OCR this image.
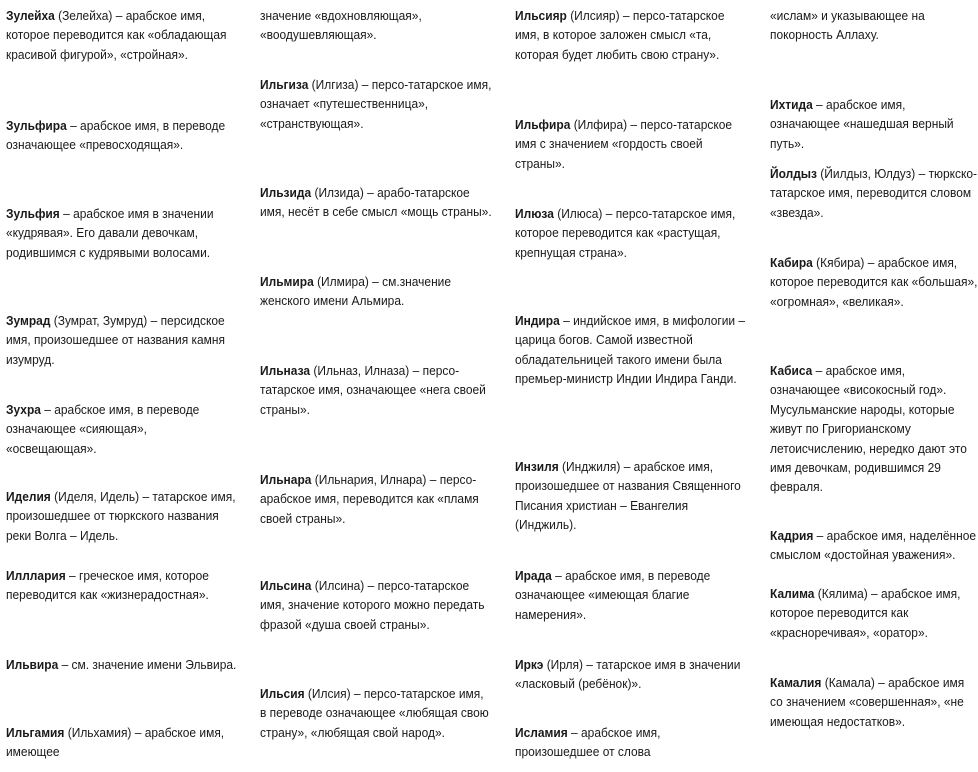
Зулейха (Зелейха) – арабское имя, которое переводится как «обладающая красивой фигурой», «стройная».
Зульфира – арабское имя, в переводе означающее «превосходящая».
Зульфия – арабское имя в значении «кудрявая». Его давали девочкам, родившимся с кудрявыми волосами.
Зумрад (Зумрат, Зумруд) – персидское имя, произошедшее от названия камня изумруд.
Зухра – арабское имя, в переводе означающее «сияющая», «освещающая».
Иделия (Иделя, Идель) – татарское имя, произошедшее от тюркского названия реки Волга – Идель.
Илллария – греческое имя, которое переводится как «жизнерадостная».
Ильвира – см. значение имени Эльвира.
Ильгамия (Ильхамия) – арабское имя, имеющее
значение «вдохновляющая», «воодушевляющая».
Ильгиза (Илгиза) – персо-татарское имя, означает «путешественница», «странствующая».
Ильзида (Илзида) – арабо-татарское имя, несёт в себе смысл «мощь страны».
Ильмира (Илмира) – см.значение женского имени Альмира.
Ильназа (Ильназ, Илназа) – персо-татарское имя, означающее «нега своей страны».
Ильнара (Ильнария, Илнара) – персо-арабское имя, переводится как «пламя своей страны».
Ильсина (Илсина) – персо-татарское имя, значение которого можно передать фразой «душа своей страны».
Ильсия (Илсия) – персо-татарское имя, в переводе означающее «любящая свою страну», «любящая свой народ».
Ильсияр (Илсияр) – персо-татарское имя, в которое заложен смысл «та, которая будет любить свою страну».
Ильфира (Илфира) – персо-татарское имя с значением «гордость своей страны».
Илюза (Илюса) – персо-татарское имя, которое переводится как «растущая, крепнущая страна».
Индира – индийское имя, в мифологии – царица богов. Самой известной обладательницей такого имени была премьер-министр Индии Индира Ганди.
Инзиля (Инджиля) – арабское имя, произошедшее от названия Священного Писания христиан – Евангелия (Инджиль).
Ирада – арабское имя, в переводе означающее «имеющая благие намерения».
Иркэ (Ирля) – татарское имя в значении «ласковый (ребёнок)».
Исламия – арабское имя, произошедшее от слова
«ислам» и указывающее на покорность Аллаху.
Ихтида – арабское имя, означающее «нашедшая верный путь».
Йолдыз (Йилдыз, Юлдуз) – тюркско-татарское имя, переводится словом «звезда».
Кабира (Кябира) – арабское имя, которое переводится как «большая», «огромная», «великая».
Кабиса – арабское имя, означающее «високосный год». Мусульманские народы, которые живут по Григорианскому летоисчислению, нередко дают это имя девочкам, родившимся 29 февраля.
Кадрия – арабское имя, наделённое смыслом «достойная уважения».
Калима (Кялима) – арабское имя, которое переводится как «красноречивая», «оратор».
Камалия (Камала) – арабское имя со значением «совершенная», «не имеющая недостатков».
